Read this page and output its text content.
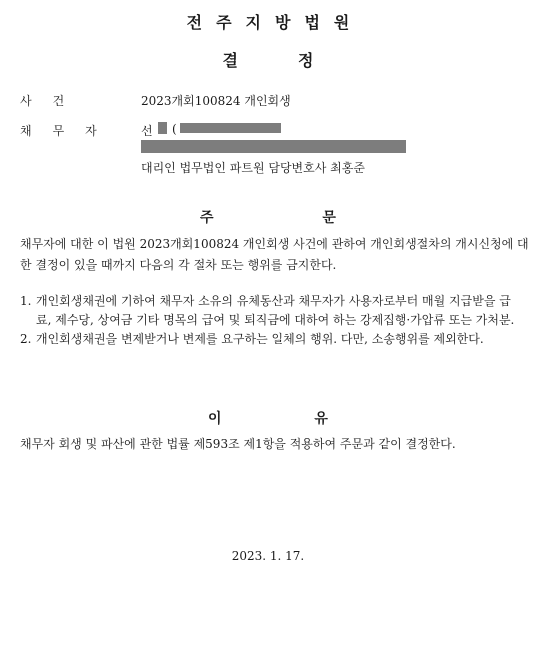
전주지방법원
결정
사건	2023개회100824 개인회생
채무자 선 (
대리인 법무법인 파트원 담당변호사 최홍준
주 문
채무자에 대한 이 법원 2023개회100824 개인회생 사건에 관하여 개인회생절차의 개시신청에 대한 결정이 있을 때까지 다음의 각 절차 또는 행위를 금지한다.
1. 개인회생채권에 기하여 채무자 소유의 유체동산과 채무자가 사용자로부터 매월 지급받을 급료, 제수당, 상여금 기타 명목의 급여 및 퇴직금에 대하여 하는 강제집행·가압류 또는 가처분.
2. 개인회생채권을 변제받거나 변제를 요구하는 일체의 행위. 다만, 소송행위를 제외한다.
이 유
채무자 회생 및 파산에 관한 법률 제593조 제1항을 적용하여 주문과 같이 결정한다.
2023. 1. 17.
